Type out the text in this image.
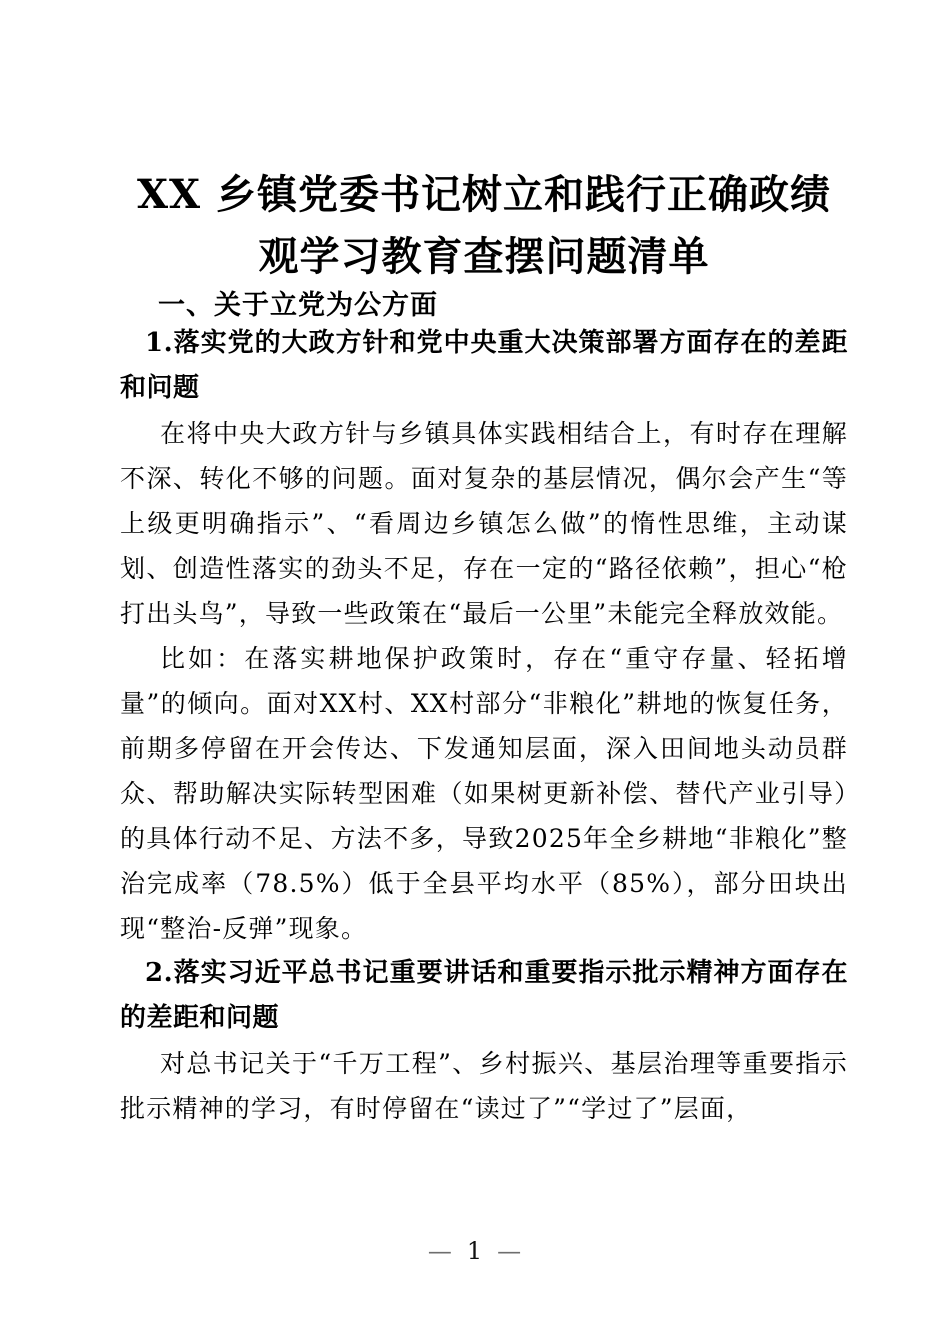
XX 乡镇党委书记树立和践行正确政绩
观学习教育查摆问题清单
一、关于立党为公方面
1.落实党的大政方针和党中央重大决策部署方面存在的差距和问题

在将中央大政方针与乡镇具体实践相结合上，有时存在理解不深、转化不够的问题。面对复杂的基层情况，偶尔会产生“等上级更明确指示”、“看周边乡镇怎么做”的惰性思维，主动谋划、创造性落实的劲头不足，存在一定的“路径依赖”，担心“枪打出头鸟”，导致一些政策在“最后一公里”未能完全释放效能。

比如：在落实耕地保护政策时，存在“重守存量、轻拓增量”的倾向。面对XX村、XX村部分“非粮化”耕地的恢复任务，前期多停留在开会传达、下发通知层面，深入田间地头动员群众、帮助解决实际转型困难（如果树更新补偿、替代产业引导）的具体行动不足、方法不多，导致2025年全乡耕地“非粮化”整治完成率（78.5%）低于全县平均水平（85%），部分田块出现“整治-反弹”现象。

2.落实习近平总书记重要讲话和重要指示批示精神方面存在的差距和问题

对总书记关于“千万工程”、乡村振兴、基层治理等重要指示批示精神的学习，有时停留在“读过了”“学过了”层面，

— 1 —
